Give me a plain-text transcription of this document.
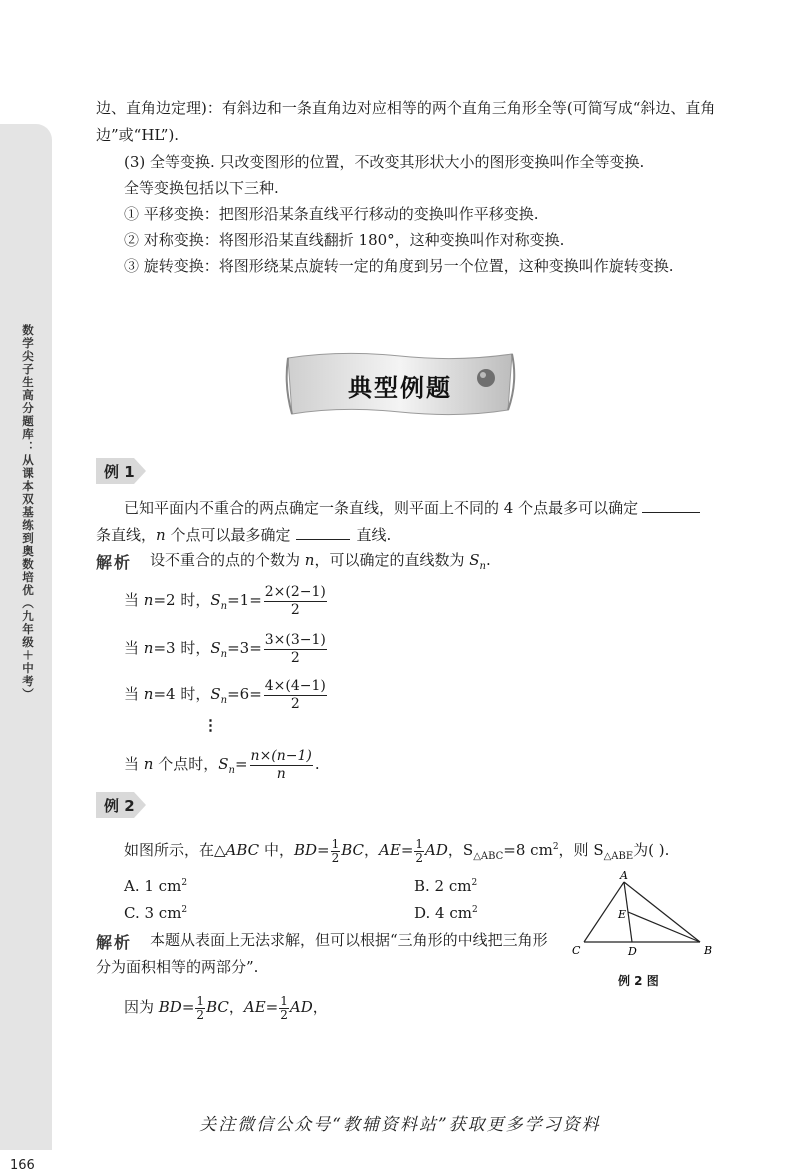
数学尖子生高分题库：从课本双基练到奥数培优（九年级＋中考）
166
边、直角边定理)：有斜边和一条直角边对应相等的两个直角三角形全等(可简写成“斜边、直角
边”或“HL”).
(3) 全等变换. 只改变图形的位置，不改变其形状大小的图形变换叫作全等变换.
全等变换包括以下三种.
① 平移变换：把图形沿某条直线平行移动的变换叫作平移变换.
② 对称变换：将图形沿某直线翻折 180°，这种变换叫作对称变换.
③ 旋转变换：将图形绕某点旋转一定的角度到另一个位置，这种变换叫作旋转变换.
典型例题
例 1
已知平面内不重合的两点确定一条直线，则平面上不同的 4 个点最多可以确定
条直线，n 个点可以最多确定	直线.
解析 设不重合的点的个数为 n，可以确定的直线数为 $S_n$.
当 n=2 时，$S_n=1= \frac{2\times(2-1)}{2}$
当 n=3 时，$S_n=3= \frac{3\times(3-1)}{2}$
当 n=4 时，$S_n=6= \frac{4\times(4-1)}{2}$
⋮
当 n 个点时，$S_n= \frac{n\times(n-1)}{n}$ .
例 2
如图所示，在△ABC 中，$BD= \frac{1}{2}$ BC，$AE= \frac{1}{2}$ AD，$S_{\triangle ABC}=8$ $cm^2$，则 $S_{\triangle ABE}$为( ).
A. 1 $cm^2$	B. 2 $cm^2$
C. 3 $cm^2$	D. 4 $cm^2$
A
B
C	D
E
例 2 图
解析 本题从表面上无法求解，但可以根据“三角形的中线把三角形
分为面积相等的两部分”.
因为 $BD= \frac{1}{2}$ BC，$AE= \frac{1}{2}$ AD，
关注微信公众号“教辅资料站”获取更多学习资料
